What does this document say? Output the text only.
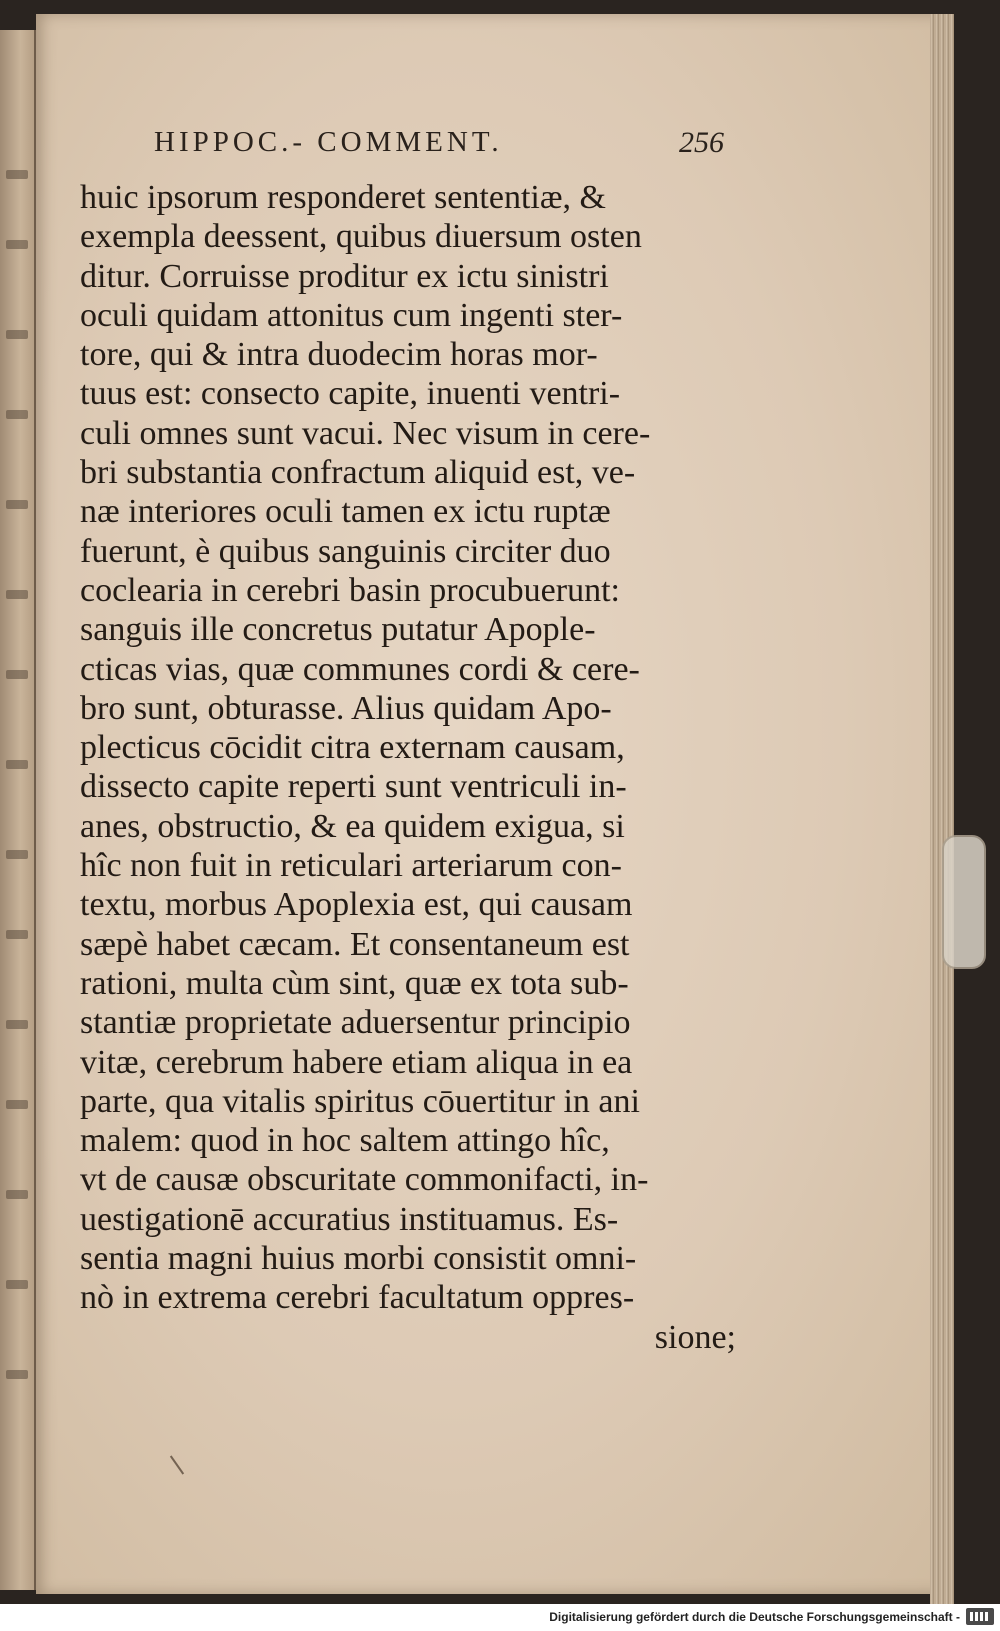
HIPPOC.- COMMENT.	256
huic ipsorum responderet sententiæ, &
exempla deessent, quibus diuersum osten
ditur. Corruisse proditur ex ictu sinistri
oculi quidam attonitus cum ingenti ster-
tore, qui & intra duodecim horas mor-
tuus est: consecto capite, inuenti ventri-
culi omnes sunt vacui. Nec visum in cere-
bri substantia confractum aliquid est, ve-
næ interiores oculi tamen ex ictu ruptæ
fuerunt, è quibus sanguinis circiter duo
coclearia in cerebri basin procubuerunt:
sanguis ille concretus putatur Apople-
cticas vias, quæ communes cordi & cere-
bro sunt, obturasse. Alius quidam Apo-
plecticus cōcidit citra externam causam,
dissecto capite reperti sunt ventriculi in-
anes, obstructio, & ea quidem exigua, si
hîc non fuit in reticulari arteriarum con-
textu, morbus Apoplexia est, qui causam
sæpè habet cæcam. Et consentaneum est
rationi, multa cùm sint, quæ ex tota sub-
stantiæ proprietate aduersentur principio
vitæ, cerebrum habere etiam aliqua in ea
parte, qua vitalis spiritus cōuertitur in ani
malem: quod in hoc saltem attingo hîc,
vt de causæ obscuritate commonifacti, in-
uestigationē accuratius instituamus. Es-
sentia magni huius morbi consistit omni-
nò in extrema cerebri facultatum oppres-
sione;
Digitalisierung gefördert durch die Deutsche Forschungsgemeinschaft -
